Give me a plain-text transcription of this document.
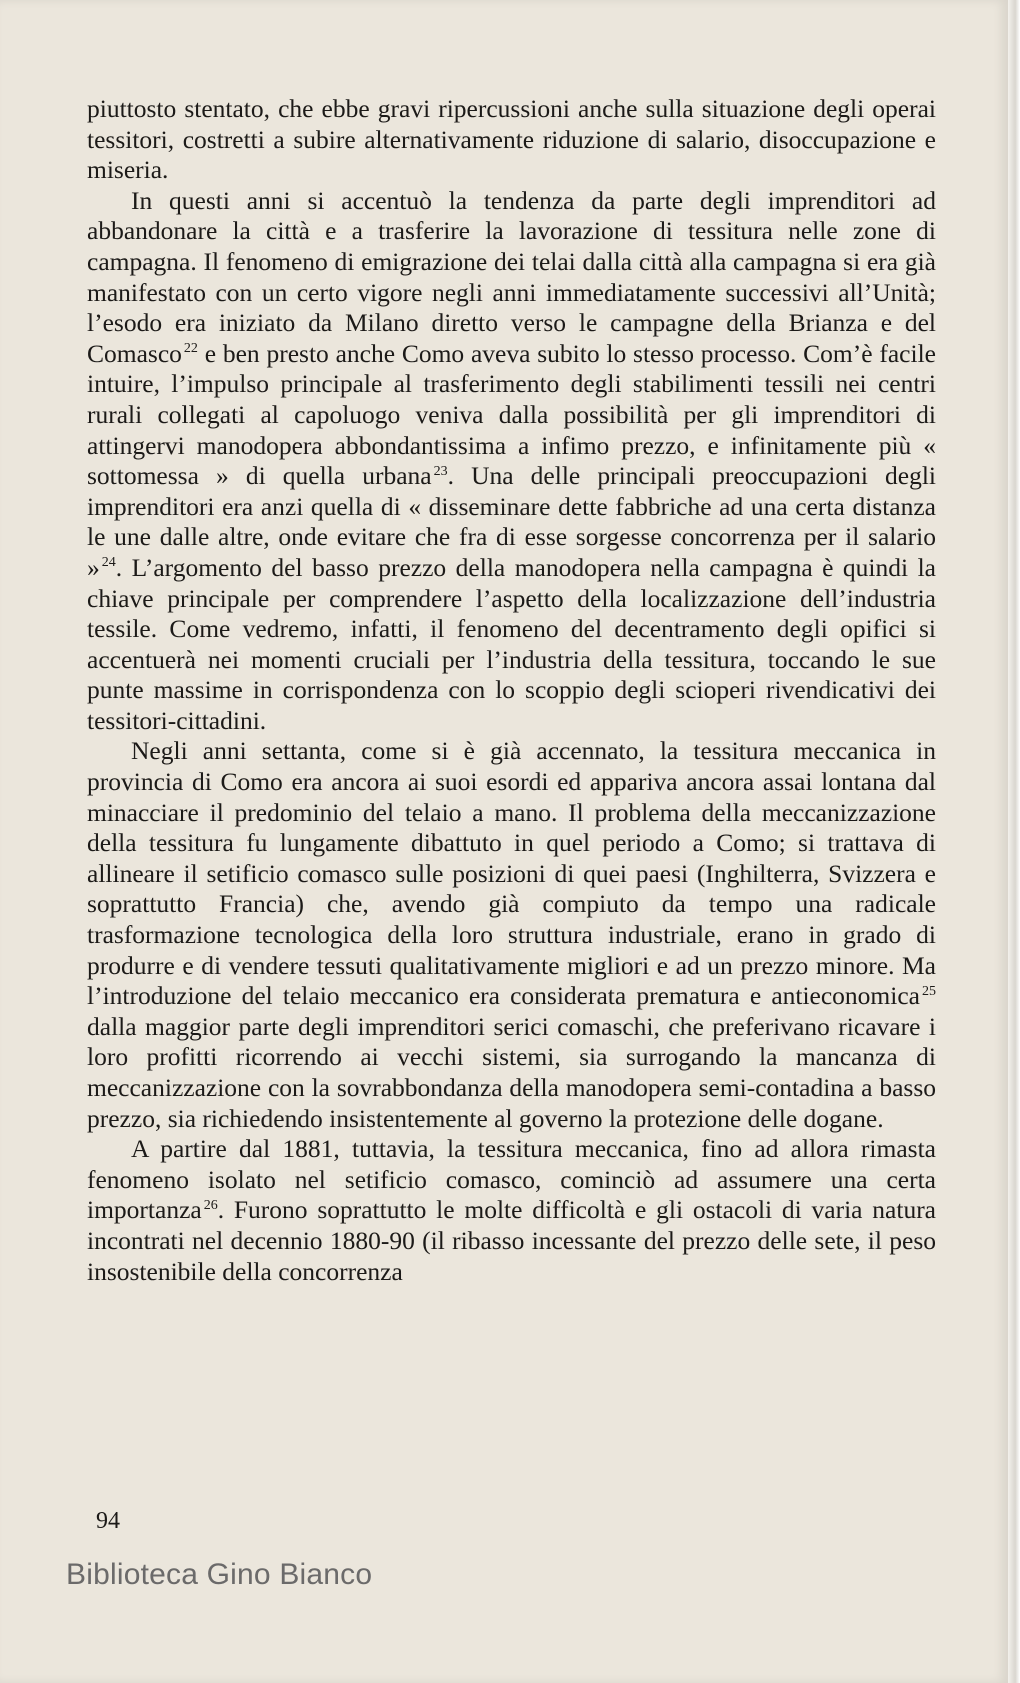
piuttosto stentato, che ebbe gravi ripercussioni anche sulla situazione degli operai tessitori, costretti a subire alternativamente riduzione di salario, disoccupazione e miseria.

In questi anni si accentuò la tendenza da parte degli imprenditori ad abbandonare la città e a trasferire la lavorazione di tessitura nelle zone di campagna. Il fenomeno di emigrazione dei telai dalla città alla campagna si era già manifestato con un certo vigore negli anni immediatamente successivi all’Unità; l’esodo era iniziato da Milano diretto verso le campagne della Brianza e del Comasco $^{22}$ e ben presto anche Como aveva subito lo stesso processo. Com’è facile intuire, l’impulso principale al trasferimento degli stabilimenti tessili nei centri rurali collegati al capoluogo veniva dalla possibilità per gli imprenditori di attingervi manodopera abbondantissima a infimo prezzo, e infinitamente più « sottomessa » di quella urbana $^{23}$. Una delle principali preoccupazioni degli imprenditori era anzi quella di « disseminare dette fabbriche ad una certa distanza le une dalle altre, onde evitare che fra di esse sorgesse concorrenza per il salario » $^{24}$. L’argomento del basso prezzo della manodopera nella campagna è quindi la chiave principale per comprendere l’aspetto della localizzazione dell’industria tessile. Come vedremo, infatti, il fenomeno del decentramento degli opifici si accentuerà nei momenti cruciali per l’industria della tessitura, toccando le sue punte massime in corrispondenza con lo scoppio degli scioperi rivendicativi dei tessitori-cittadini.

Negli anni settanta, come si è già accennato, la tessitura meccanica in provincia di Como era ancora ai suoi esordi ed appariva ancora assai lontana dal minacciare il predominio del telaio a mano. Il problema della meccanizzazione della tessitura fu lungamente dibattuto in quel periodo a Como; si trattava di allineare il setificio comasco sulle posizioni di quei paesi (Inghilterra, Svizzera e soprattutto Francia) che, avendo già compiuto da tempo una radicale trasformazione tecnologica della loro struttura industriale, erano in grado di produrre e di vendere tessuti qualitativamente migliori e ad un prezzo minore. Ma l’introduzione del telaio meccanico era considerata prematura e antieconomica $^{25}$ dalla maggior parte degli imprenditori serici comaschi, che preferivano ricavare i loro profitti ricorrendo ai vecchi sistemi, sia surrogando la mancanza di meccanizzazione con la sovrabbondanza della manodopera semi-contadina a basso prezzo, sia richiedendo insistentemente al governo la protezione delle dogane.

A partire dal 1881, tuttavia, la tessitura meccanica, fino ad allora rimasta fenomeno isolato nel setificio comasco, cominciò ad assumere una certa importanza $^{26}$. Furono soprattutto le molte difficoltà e gli ostacoli di varia natura incontrati nel decennio 1880-90 (il ribasso incessante del prezzo delle sete, il peso insostenibile della concorrenza

94
Biblioteca Gino Bianco
